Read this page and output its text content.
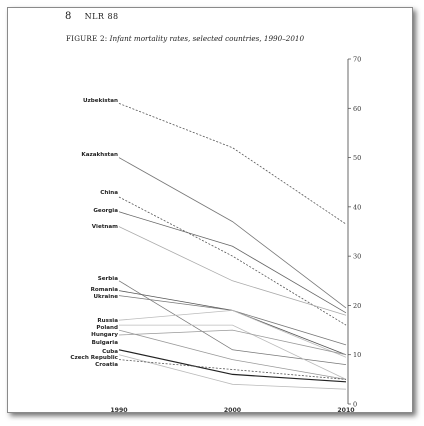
8 NLR 88
FIGURE 2: Infant mortality rates, selected countries, 1990–2010
0
10
20
30
40
50
60
70
1990	2000	2010
Uzbekistan
Kazakhstan
China
Georgia
Vietnam
Serbia
Romania
Ukraine
Russia
Poland
Hungary
Bulgaria
Cuba
Czech Republic
Croatia
